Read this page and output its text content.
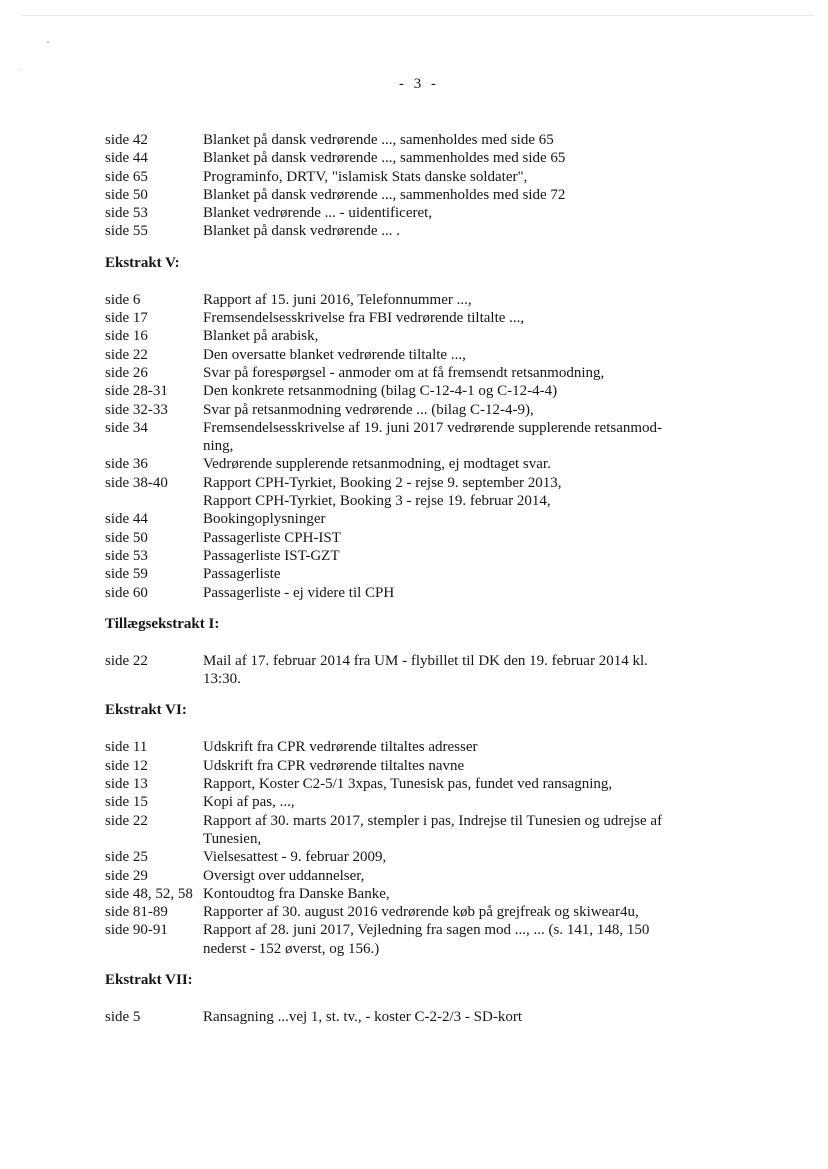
- 3 -
side 42	Blanket på dansk vedrørende ..., samenholdes med side 65
side 44	Blanket på dansk vedrørende ..., sammenholdes med side 65
side 65	Programinfo, DRTV, "islamisk Stats danske soldater",
side 50	Blanket på dansk vedrørende ..., sammenholdes med side 72
side 53	Blanket vedrørende ... - uidentificeret,
side 55	Blanket på dansk vedrørende ... .
Ekstrakt V:
side 6	Rapport af 15. juni 2016, Telefonnummer ...,
side 17	Fremsendelsesskrivelse fra FBI vedrørende tiltalte ...,
side 16	Blanket på arabisk,
side 22	Den oversatte blanket vedrørende tiltalte ...,
side 26	Svar på forespørgsel - anmoder om at få fremsendt retsanmodning,
side 28-31	Den konkrete retsanmodning (bilag C-12-4-1 og C-12-4-4)
side 32-33	Svar på retsanmodning vedrørende ... (bilag C-12-4-9),
side 34	Fremsendelsesskrivelse af 19. juni 2017 vedrørende supplerende retsanmod-
ning,
side 36	Vedrørende supplerende retsanmodning, ej modtaget svar.
side 38-40	Rapport CPH-Tyrkiet, Booking 2 - rejse 9. september 2013,
Rapport CPH-Tyrkiet, Booking 3 - rejse 19. februar 2014,
side 44	Bookingoplysninger
side 50	Passagerliste CPH-IST
side 53	Passagerliste IST-GZT
side 59	Passagerliste
side 60	Passagerliste - ej videre til CPH
Tillægsekstrakt I:
side 22	Mail af 17. februar 2014 fra UM - flybillet til DK den 19. februar 2014 kl.
13:30.
Ekstrakt VI:
side 11	Udskrift fra CPR vedrørende tiltaltes adresser
side 12	Udskrift fra CPR vedrørende tiltaltes navne
side 13	Rapport, Koster C2-5/1 3xpas, Tunesisk pas, fundet ved ransagning,
side 15	Kopi af pas, ...,
side 22	Rapport af 30. marts 2017, stempler i pas, Indrejse til Tunesien og udrejse af
Tunesien,
side 25	Vielsesattest - 9. februar 2009,
side 29	Oversigt over uddannelser,
side 48, 52, 58 Kontoudtog fra Danske Banke,
side 81-89	Rapporter af 30. august 2016 vedrørende køb på grejfreak og skiwear4u,
side 90-91	Rapport af 28. juni 2017, Vejledning fra sagen mod ..., ... (s. 141, 148, 150
nederst - 152 øverst, og 156.)
Ekstrakt VII:
side 5	Ransagning ...vej 1, st. tv., - koster C-2-2/3 - SD-kort
